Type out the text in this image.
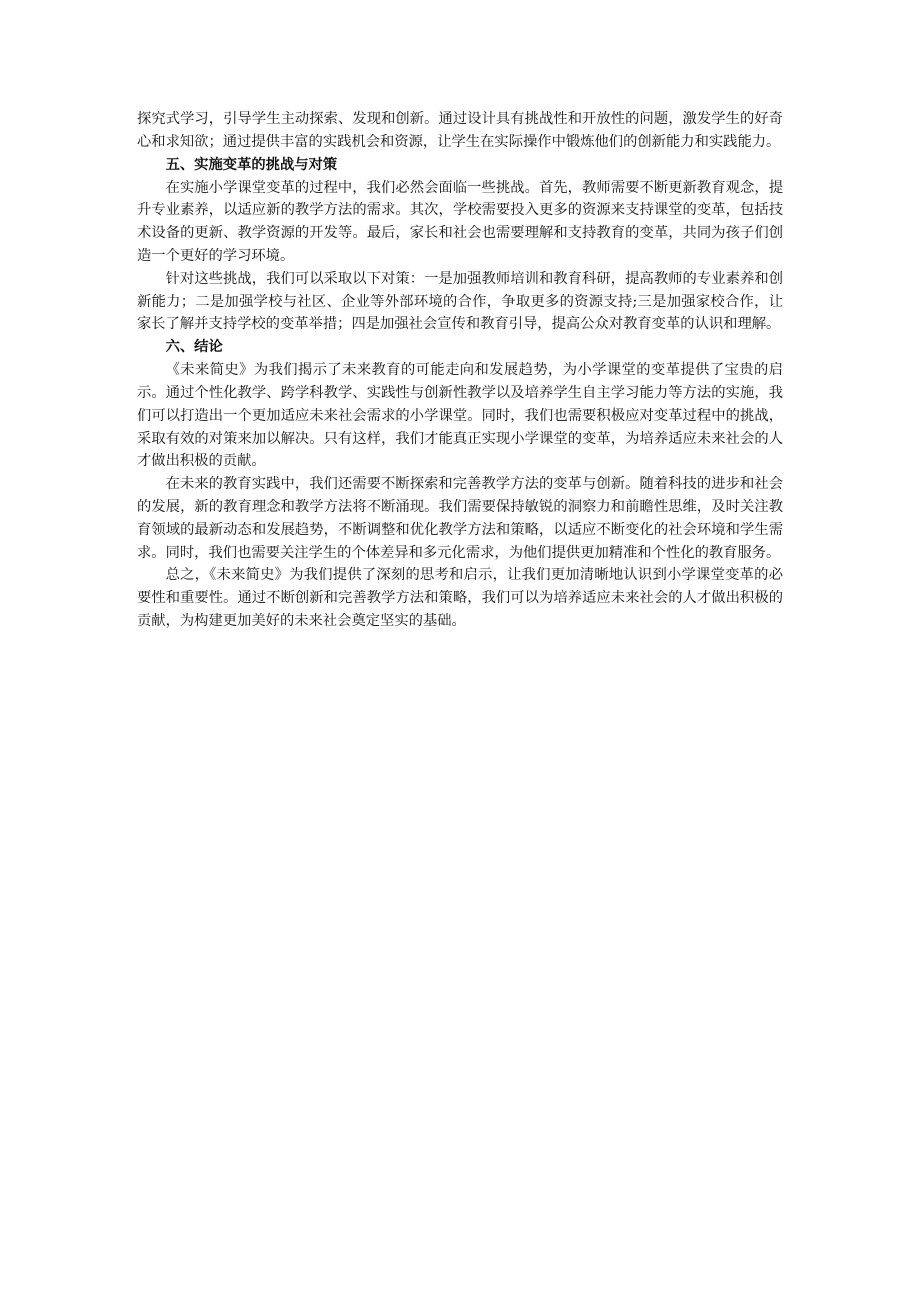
探究式学习，引导学生主动探索、发现和创新。通过设计具有挑战性和开放性的问题，激发学生的好奇心和求知欲；通过提供丰富的实践机会和资源，让学生在实际操作中锻炼他们的创新能力和实践能力。

五、实施变革的挑战与对策

在实施小学课堂变革的过程中，我们必然会面临一些挑战。首先，教师需要不断更新教育观念，提升专业素养，以适应新的教学方法的需求。其次，学校需要投入更多的资源来支持课堂的变革，包括技术设备的更新、教学资源的开发等。最后，家长和社会也需要理解和支持教育的变革，共同为孩子们创造一个更好的学习环境。

针对这些挑战，我们可以采取以下对策：一是加强教师培训和教育科研，提高教师的专业素养和创新能力；二是加强学校与社区、企业等外部环境的合作，争取更多的资源支持;三是加强家校合作，让家长了解并支持学校的变革举措；四是加强社会宣传和教育引导，提高公众对教育变革的认识和理解。

六、结论

《未来简史》为我们揭示了未来教育的可能走向和发展趋势，为小学课堂的变革提供了宝贵的启示。通过个性化教学、跨学科教学、实践性与创新性教学以及培养学生自主学习能力等方法的实施，我们可以打造出一个更加适应未来社会需求的小学课堂。同时，我们也需要积极应对变革过程中的挑战，采取有效的对策来加以解决。只有这样，我们才能真正实现小学课堂的变革，为培养适应未来社会的人才做出积极的贡献。

在未来的教育实践中，我们还需要不断探索和完善教学方法的变革与创新。随着科技的进步和社会的发展，新的教育理念和教学方法将不断涌现。我们需要保持敏锐的洞察力和前瞻性思维，及时关注教育领域的最新动态和发展趋势，不断调整和优化教学方法和策略，以适应不断变化的社会环境和学生需求。同时，我们也需要关注学生的个体差异和多元化需求，为他们提供更加精准和个性化的教育服务。

总之，《未来简史》为我们提供了深刻的思考和启示，让我们更加清晰地认识到小学课堂变革的必要性和重要性。通过不断创新和完善教学方法和策略，我们可以为培养适应未来社会的人才做出积极的贡献，为构建更加美好的未来社会奠定坚实的基础。
